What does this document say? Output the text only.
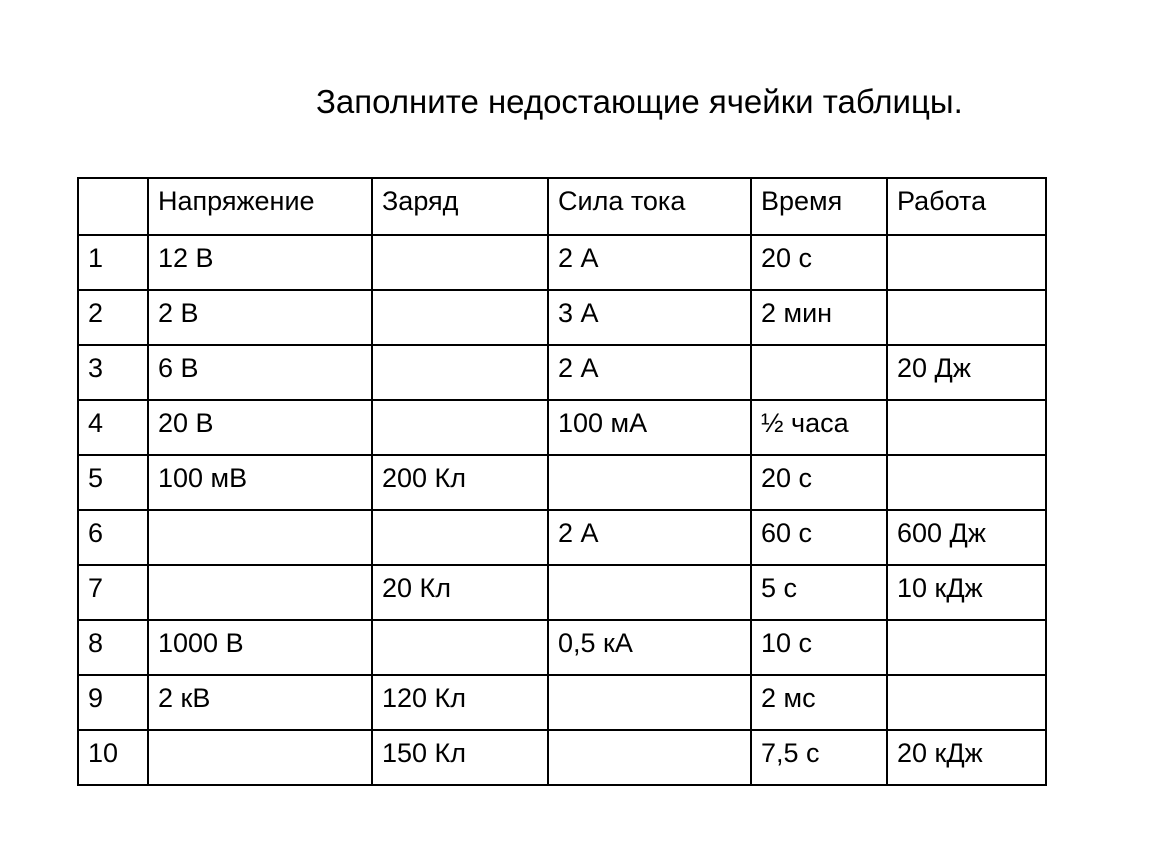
Заполните недостающие ячейки таблицы.
	Напряжение	Заряд	Сила тока	Время	Работа
1	12 В		2 А	20 с	
2	2 В		3 А	2 мин	
3	6 В		2 А		20 Дж
4	20 В		100 мА	½ часа	
5	100 мВ	200 Кл		20 с	
6			2 А	60 с	600 Дж
7		20 Кл		5 с	10 кДж
8	1000 В		0,5 кА	10 с	
9	2 кВ	120 Кл		2 мс	
10		150 Кл		7,5 с	20 кДж
